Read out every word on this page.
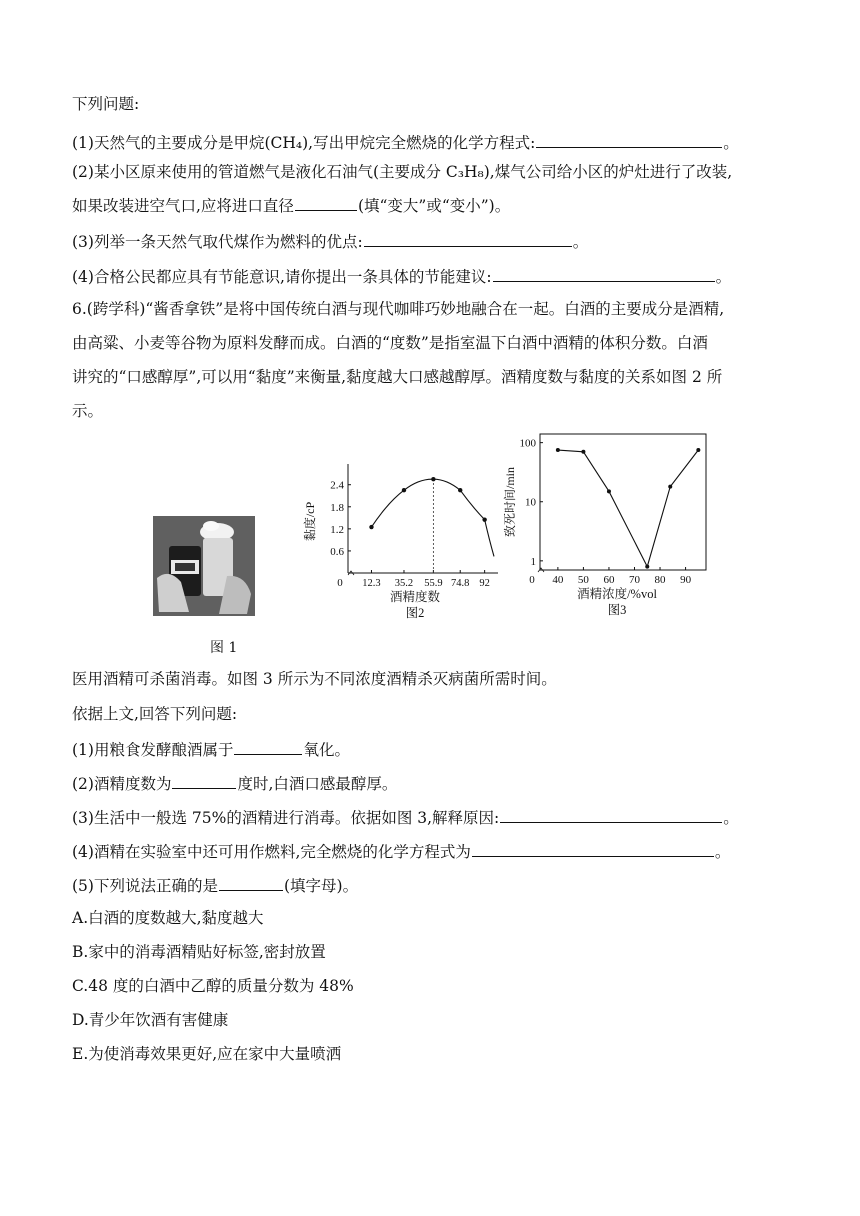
下列问题:
(1)天然气的主要成分是甲烷(CH₄),写出甲烷完全燃烧的化学方程式:	。
(2)某小区原来使用的管道燃气是液化石油气(主要成分 C₃H₈),煤气公司给小区的炉灶进行了改装,
如果改装进空气口,应将进口直径	(填“变大”或“变小”)。
(3)列举一条天然气取代煤作为燃料的优点:	。
(4)合格公民都应具有节能意识,请你提出一条具体的节能建议:	。
6.(跨学科)“酱香拿铁”是将中国传统白酒与现代咖啡巧妙地融合在一起。白酒的主要成分是酒精,
由高粱、小麦等谷物为原料发酵而成。白酒的“度数”是指室温下白酒中酒精的体积分数。白酒
讲究的“口感醇厚”,可以用“黏度”来衡量,黏度越大口感越醇厚。酒精度数与黏度的关系如图 2 所
示。
图 1
0.6
1.2
1.8
2.4
0 12.3 35.2 55.9 74.8 92
黏度/cP
酒精度数
图2
1
10
100
0 40 50 60 70 80 90
致死时间/min
酒精浓度/%vol
图3
医用酒精可杀菌消毒。如图 3 所示为不同浓度酒精杀灭病菌所需时间。
依据上文,回答下列问题:
(1)用粮食发酵酿酒属于	氧化。
(2)酒精度数为	度时,白酒口感最醇厚。
(3)生活中一般选 75%的酒精进行消毒。依据如图 3,解释原因:	。
(4)酒精在实验室中还可用作燃料,完全燃烧的化学方程式为	。
(5)下列说法正确的是	(填字母)。
A.白酒的度数越大,黏度越大
B.家中的消毒酒精贴好标签,密封放置
C.48 度的白酒中乙醇的质量分数为 48%
D.青少年饮酒有害健康
E.为使消毒效果更好,应在家中大量喷洒
